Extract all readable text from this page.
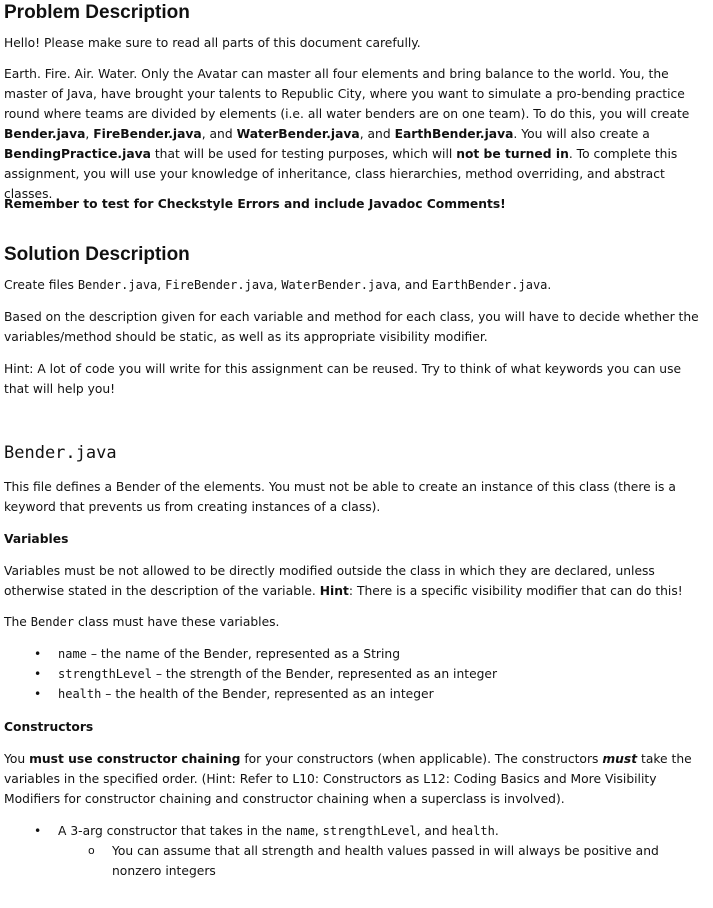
Problem Description

Hello! Please make sure to read all parts of this document carefully.

Earth. Fire. Air. Water. Only the Avatar can master all four elements and bring balance to the world. You, the master of Java, have brought your talents to Republic City, where you want to simulate a pro-bending practice round where teams are divided by elements (i.e. all water benders are on one team). To do this, you will create Bender.java, FireBender.java, and WaterBender.java, and EarthBender.java. You will also create a BendingPractice.java that will be used for testing purposes, which will not be turned in. To complete this assignment, you will use your knowledge of inheritance, class hierarchies, method overriding, and abstract classes.

Remember to test for Checkstyle Errors and include Javadoc Comments!

Solution Description

Create files Bender.java, FireBender.java, WaterBender.java, and EarthBender.java.

Based on the description given for each variable and method for each class, you will have to decide whether the variables/method should be static, as well as its appropriate visibility modifier.

Hint: A lot of code you will write for this assignment can be reused. Try to think of what keywords you can use that will help you!

Bender.java

This file defines a Bender of the elements. You must not be able to create an instance of this class (there is a keyword that prevents us from creating instances of a class).

Variables

Variables must be not allowed to be directly modified outside the class in which they are declared, unless otherwise stated in the description of the variable. Hint: There is a specific visibility modifier that can do this!

The Bender class must have these variables.

•	name – the name of the Bender, represented as a String
•	strengthLevel – the strength of the Bender, represented as an integer
•	health – the health of the Bender, represented as an integer

Constructors

You must use constructor chaining for your constructors (when applicable). The constructors must take the variables in the specified order. (Hint: Refer to L10: Constructors as L12: Coding Basics and More Visibility Modifiers for constructor chaining and constructor chaining when a superclass is involved).

•	A 3-arg constructor that takes in the name, strengthLevel, and health.
o	You can assume that all strength and health values passed in will always be positive and nonzero integers
